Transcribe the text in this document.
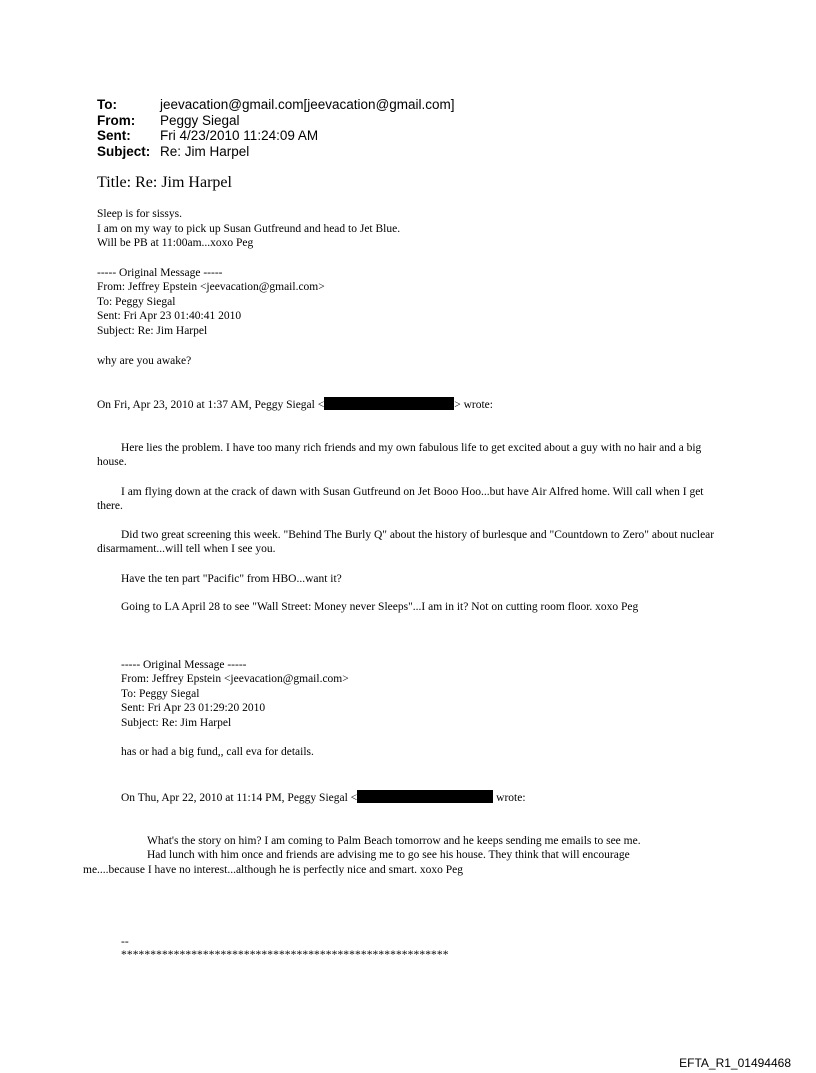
To:	jeevacation@gmail.com[jeevacation@gmail.com]
From:	Peggy Siegal
Sent:	Fri 4/23/2010 11:24:09 AM
Subject: Re: Jim Harpel
Title: Re: Jim Harpel
Sleep is for sissys.
I am on my way to pick up Susan Gutfreund and head to Jet Blue.
Will be PB at 11:00am...xoxo Peg
----- Original Message -----
From: Jeffrey Epstein <jeevacation@gmail.com>
To: Peggy Siegal
Sent: Fri Apr 23 01:40:41 2010
Subject: Re: Jim Harpel
why are you awake?
On Fri, Apr 23, 2010 at 1:37 AM, Peggy Siegal <	> wrote:
Here lies the problem. I have too many rich friends and my own fabulous life to get excited about a guy with no hair and a big house.
I am flying down at the crack of dawn with Susan Gutfreund on Jet Booo Hoo...but have Air Alfred home. Will call when I get there.
Did two great screening this week. "Behind The Burly Q" about the history of burlesque and "Countdown to Zero" about nuclear disarmament...will tell when I see you.
Have the ten part "Pacific" from HBO...want it?
Going to LA April 28 to see "Wall Street: Money never Sleeps"...I am in it? Not on cutting room floor. xoxo Peg
----- Original Message -----
From: Jeffrey Epstein <jeevacation@gmail.com>
To: Peggy Siegal
Sent: Fri Apr 23 01:29:20 2010
Subject: Re: Jim Harpel
has or had a big fund,, call eva for details.
On Thu, Apr 22, 2010 at 11:14 PM, Peggy Siegal <	wrote:
What's the story on him? I am coming to Palm Beach tomorrow and he keeps sending me emails to see me.
Had lunch with him once and friends are advising me to go see his house. They think that will encourage
me....because I have no interest...although he is perfectly nice and smart. xoxo Peg
--
********************************************************
EFTA_R1_01494468
